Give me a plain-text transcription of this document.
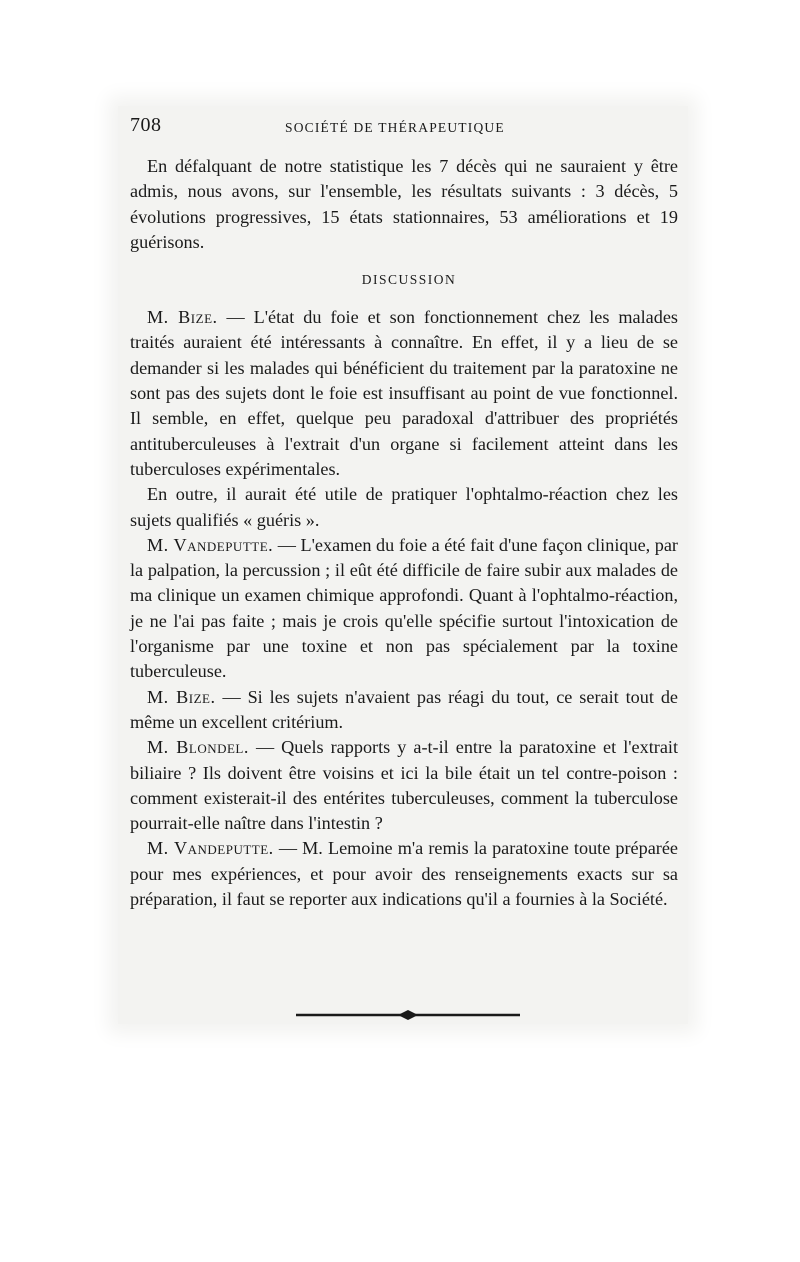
708	SOCIÉTÉ DE THÉRAPEUTIQUE

En défalquant de notre statistique les 7 décès qui ne sauraient y être admis, nous avons, sur l'ensemble, les résultats suivants : 3 décès, 5 évolutions progressives, 15 états stationnaires, 53 améliorations et 19 guérisons.

DISCUSSION

M. Bize. — L'état du foie et son fonctionnement chez les malades traités auraient été intéressants à connaître. En effet, il y a lieu de se demander si les malades qui bénéficient du traitement par la paratoxine ne sont pas des sujets dont le foie est insuffisant au point de vue fonctionnel. Il semble, en effet, quelque peu paradoxal d'attribuer des propriétés antituberculeuses à l'extrait d'un organe si facilement atteint dans les tuberculoses expérimentales.

En outre, il aurait été utile de pratiquer l'ophtalmo-réaction chez les sujets qualifiés « guéris ».

M. Vandeputte. — L'examen du foie a été fait d'une façon clinique, par la palpation, la percussion ; il eût été difficile de faire subir aux malades de ma clinique un examen chimique approfondi. Quant à l'ophtalmo-réaction, je ne l'ai pas faite ; mais je crois qu'elle spécifie surtout l'intoxication de l'organisme par une toxine et non pas spécialement par la toxine tuberculeuse.

M. Bize. — Si les sujets n'avaient pas réagi du tout, ce serait tout de même un excellent critérium.

M. Blondel. — Quels rapports y a-t-il entre la paratoxine et l'extrait biliaire ? Ils doivent être voisins et ici la bile était un tel contre-poison : comment existerait-il des entérites tuberculeuses, comment la tuberculose pourrait-elle naître dans l'intestin ?

M. Vandeputte. — M. Lemoine m'a remis la paratoxine toute préparée pour mes expériences, et pour avoir des renseignements exacts sur sa préparation, il faut se reporter aux indications qu'il a fournies à la Société.
